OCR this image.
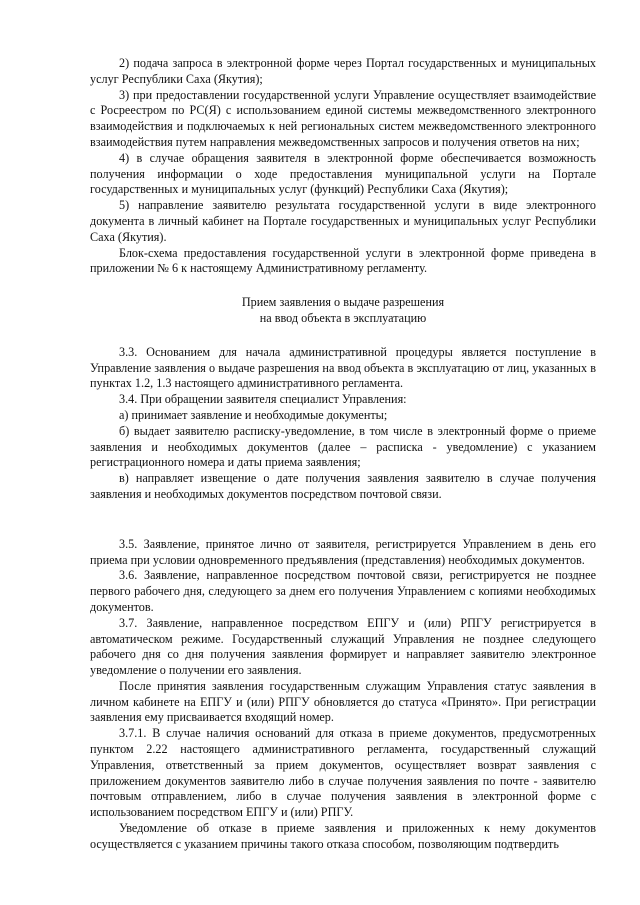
2) подача запроса в электронной форме через Портал государственных и муниципальных услуг Республики Саха (Якутия);

3) при предоставлении государственной услуги Управление осуществляет взаимодействие с Росреестром по РС(Я) с использованием единой системы межведомственного электронного взаимодействия и подключаемых к ней региональных систем межведомственного электронного взаимодействия путем направления межведомственных запросов и получения ответов на них;

4) в случае обращения заявителя в электронной форме обеспечивается возможность получения информации о ходе предоставления муниципальной услуги на Портале государственных и муниципальных услуг (функций) Республики Саха (Якутия);

5) направление заявителю результата государственной услуги в виде электронного документа в личный кабинет на Портале государственных и муниципальных услуг Республики Саха (Якутия).

Блок-схема предоставления государственной услуги в электронной форме приведена в приложении № 6 к настоящему Административному регламенту.

Прием заявления о выдаче разрешения

на ввод объекта в эксплуатацию

3.3. Основанием для начала административной процедуры является поступление в Управление заявления о выдаче разрешения на ввод объекта в эксплуатацию от лиц, указанных в пунктах 1.2, 1.3 настоящего административного регламента.

3.4. При обращении заявителя специалист Управления:

а) принимает заявление и необходимые документы;

б) выдает заявителю расписку-уведомление, в том числе в электронный форме о приеме заявления и необходимых документов (далее – расписка - уведомление) с указанием регистрационного номера и даты приема заявления;

в) направляет извещение о дате получения заявления заявителю в случае получения заявления и необходимых документов посредством почтовой связи.

3.5. Заявление, принятое лично от заявителя, регистрируется Управлением в день его приема при условии одновременного предъявления (представления) необходимых документов.

3.6. Заявление, направленное посредством почтовой связи, регистрируется не позднее первого рабочего дня, следующего за днем его получения Управлением с копиями необходимых документов.

3.7. Заявление, направленное посредством ЕПГУ и (или) РПГУ регистрируется в автоматическом режиме. Государственный служащий Управления не позднее следующего рабочего дня со дня получения заявления формирует и направляет заявителю электронное уведомление о получении его заявления.

После принятия заявления государственным служащим Управления статус заявления в личном кабинете на ЕПГУ и (или) РПГУ обновляется до статуса «Принято». При регистрации заявления ему присваивается входящий номер.

3.7.1. В случае наличия оснований для отказа в приеме документов, предусмотренных пунктом 2.22 настоящего административного регламента, государственный служащий Управления, ответственный за прием документов, осуществляет возврат заявления с приложением документов заявителю либо в случае получения заявления по почте - заявителю почтовым отправлением, либо в случае получения заявления в электронной форме с использованием посредством ЕПГУ и (или) РПГУ.

Уведомление об отказе в приеме заявления и приложенных к нему документов осуществляется с указанием причины такого отказа способом, позволяющим подтвердить
